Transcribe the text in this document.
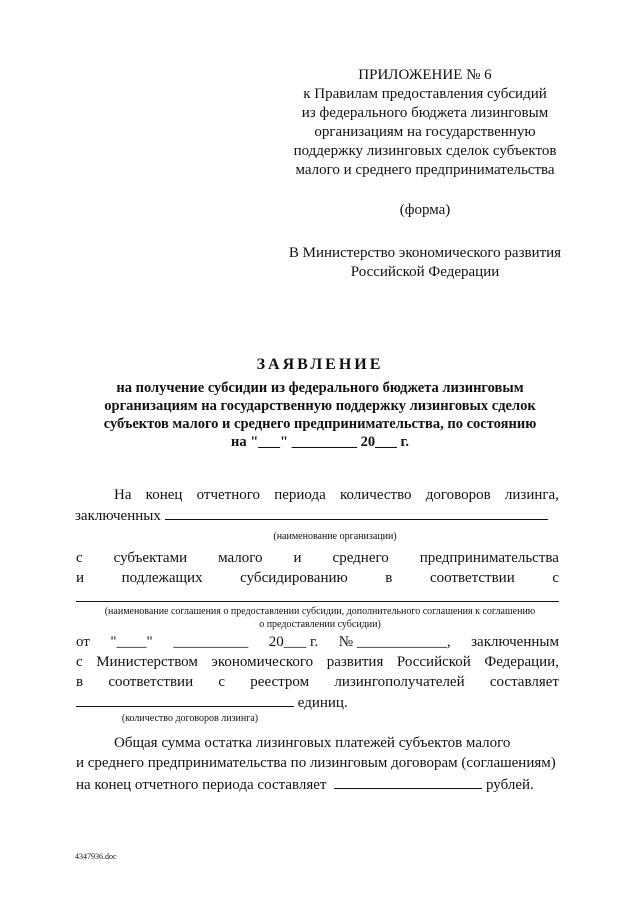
ПРИЛОЖЕНИЕ № 6
к Правилам предоставления субсидий
из федерального бюджета лизинговым
организациям на государственную
поддержку лизинговых сделок субъектов
малого и среднего предпринимательства
(форма)
В Министерство экономического развития
Российской Федерации
ЗАЯВЛЕНИЕ
на получение субсидии из федерального бюджета лизинговым
организациям на государственную поддержку лизинговых сделок
субъектов малого и среднего предпринимательства, по состоянию
на "___" _________ 20___ г.
На конец отчетного периода количество договоров лизинга,
заключенных
(наименование организации)
с субъектами малого и среднего предпринимательства
и	подлежащих	субсидированию	в	соответствии	с
(наименование соглашения о предоставлении субсидии, дополнительного соглашения к соглашению
о предоставлении субсидии)
от "____" __________ 20___ г. № ____________, заключенным
с Министерством экономического развития Российской Федерации,
в соответствии с реестром лизингополучателей составляет
единиц.
(количество договоров лизинга)
Общая сумма остатка лизинговых платежей субъектов малого
и среднего предпринимательства по лизинговым договорам (соглашениям)
на конец отчетного периода составляет	рублей.
4347936.doc
